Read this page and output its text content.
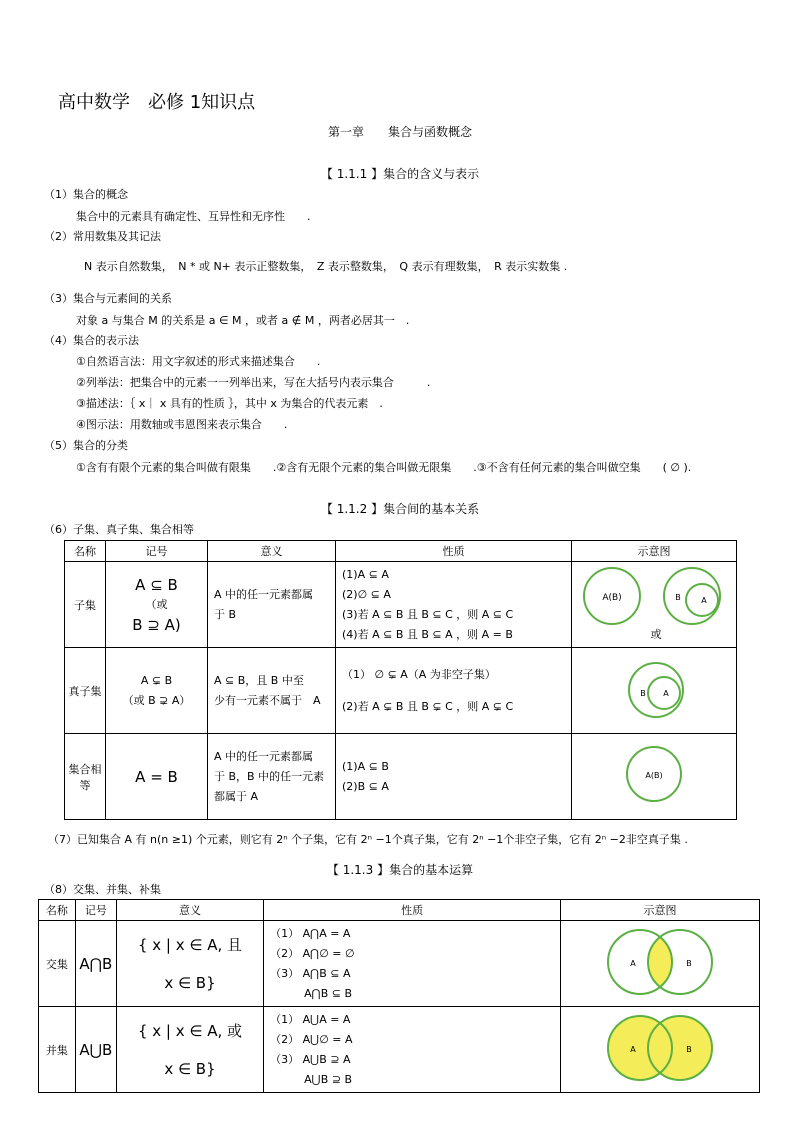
高中数学　必修 1知识点
第一章　　集合与函数概念
【 1.1.1 】集合的含义与表示
（1）集合的概念
集合中的元素具有确定性、互异性和无序性　　.
（2）常用数集及其记法
N 表示自然数集，　N * 或 N+ 表示正整数集，　Z 表示整数集，　Q 表示有理数集，　R 表示实数集 .
（3）集合与元素间的关系
对象 a 与集合 M 的关系是 a ∈ M ，或者 a ∉ M ，两者必居其一　.
（4）集合的表示法
①自然语言法：用文字叙述的形式来描述集合　　.
②列举法：把集合中的元素一一列举出来，写在大括号内表示集合　　　.
③描述法：｛ x｜ x 具有的性质 ｝，其中 x 为集合的代表元素　.
④图示法：用数轴或韦恩图来表示集合　　.
（5）集合的分类
①含有有限个元素的集合叫做有限集　　.②含有无限个元素的集合叫做无限集　　.③不含有任何元素的集合叫做空集　　( ∅ ).
【 1.1.2 】集合间的基本关系
（6）子集、真子集、集合相等
名称	记号	意义	性质	示意图
子集	A ⊆ B
（或
B ⊇ A)	A 中的任一元素都属
于 B	(1)A ⊆ A
(2)∅ ⊆ A
(3)若 A ⊆ B 且 B ⊆ C ，则 A ⊆ C
(4)若 A ⊆ B 且 B ⊆ A ，则 A = B	A(B) B A
或

真子集	A ⊊ B
（或 B ⊋ A）	A ⊆ B，且 B 中至
少有一元素不属于　A	（1） ∅ ⊊ A（A 为非空子集）
(2)若 A ⊊ B 且 B ⊊ C ，则 A ⊊ C	B A

集合相等	A = B	A 中的任一元素都属
于 B，B 中的任一元素
都属于 A	(1)A ⊆ B
(2)B ⊆ A	A(B)
（7）已知集合 A 有 n(n ≥1) 个元素，则它有 2ⁿ 个子集，它有 2ⁿ −1个真子集，它有 2ⁿ −1个非空子集，它有 2ⁿ −2非空真子集 .
【 1.1.3 】集合的基本运算
（8）交集、并集、补集
名称	记号	意义	性质	示意图
交集	A⋂B	{ x | x ∈ A, 且
x ∈ B}	（1） A⋂A = A
（2） A⋂∅ = ∅
（3） A⋂B ⊆ A
A⋂B ⊆ B	A B

并集	A⋃B	{ x | x ∈ A, 或
x ∈ B}	（1） A⋃A = A
（2） A⋃∅ = A
（3） A⋃B ⊇ A
A⋃B ⊇ B	A B
